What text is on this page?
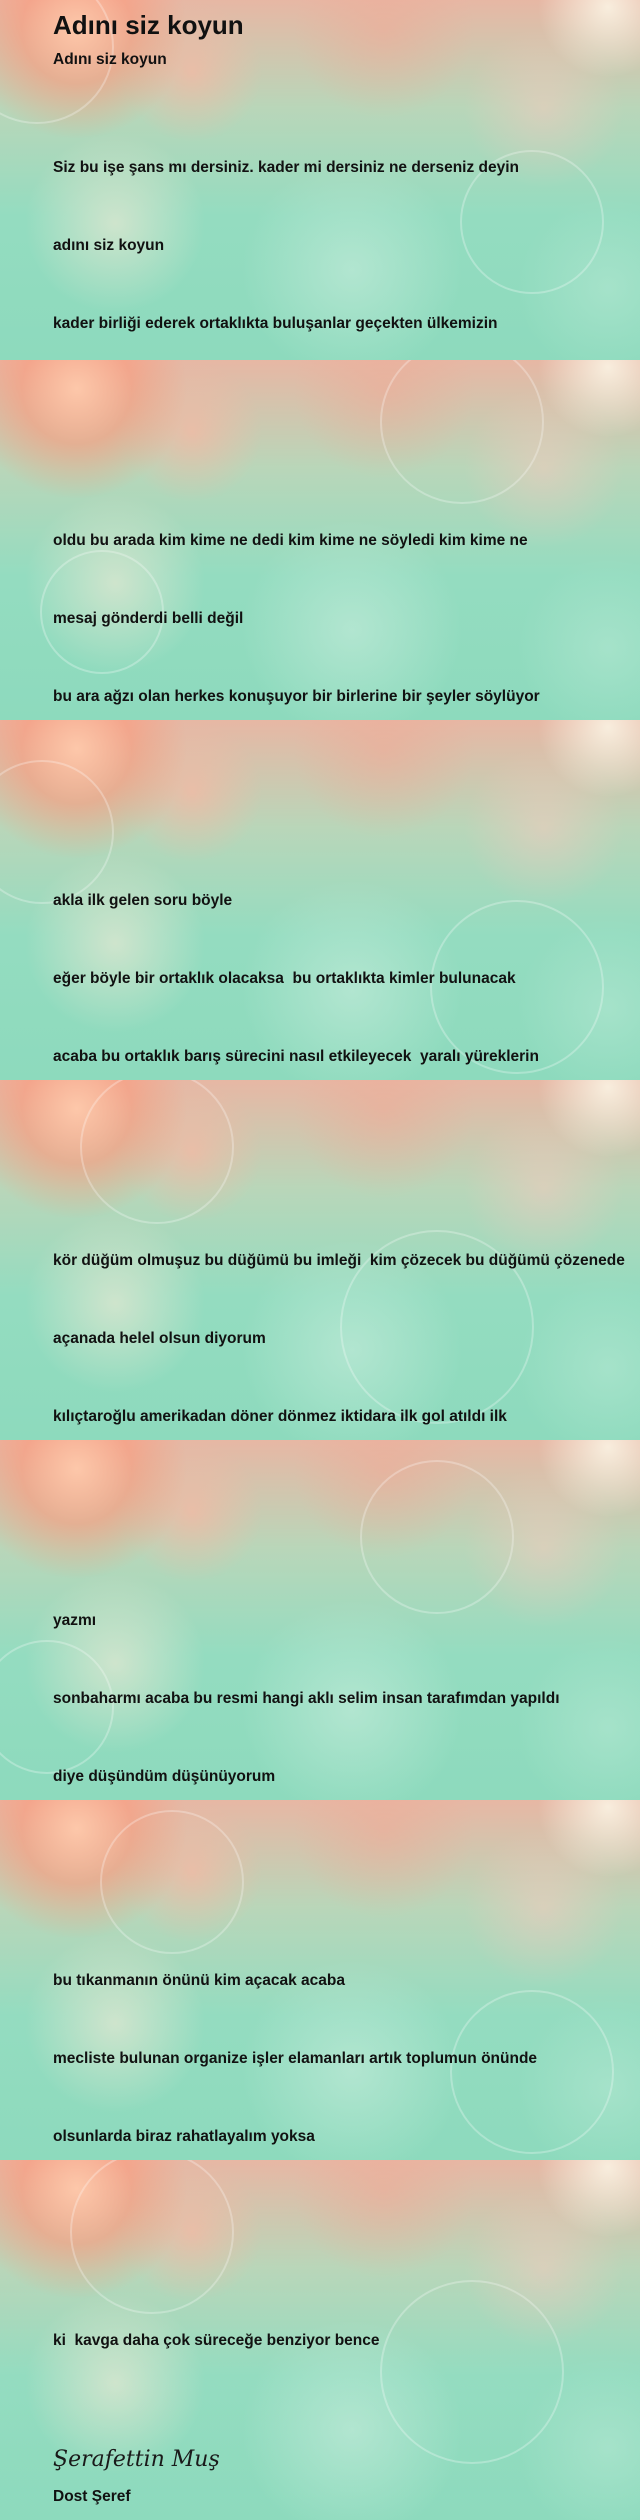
Adını siz koyun
Adını siz koyun

Siz bu işe şans mı dersiniz. kader mi dersiniz ne derseniz deyin

adını siz koyun

kader birliği ederek ortaklıkta buluşanlar geçekten ülkemizin

oldu bu arada kim kime ne dedi kim kime ne söyledi kim kime ne

mesaj gönderdi belli değil

bu ara ağzı olan herkes konuşuyor bir birlerine bir şeyler söylüyor

akla ilk gelen soru böyle

eğer böyle bir ortaklık olacaksa  bu ortaklıkta kimler bulunacak

acaba bu ortaklık barış sürecini nasıl etkileyecek  yaralı yüreklerin

kör düğüm olmuşuz bu düğümü bu imleği  kim çözecek bu düğümü çözenede

açanada helel olsun diyorum

kılıçtaroğlu amerikadan döner dönmez iktidara ilk gol atıldı ilk

yazmı

sonbaharmı acaba bu resmi hangi aklı selim insan tarafımdan yapıldı

diye düşündüm düşünüyorum

bu tıkanmanın önünü kim açacak acaba

mecliste bulunan organize işler elamanları artık toplumun önünde

olsunlarda biraz rahatlayalım yoksa

ki  kavga daha çok süreceğe benziyor bence

Dost Şeref

Şerafettin Muş
